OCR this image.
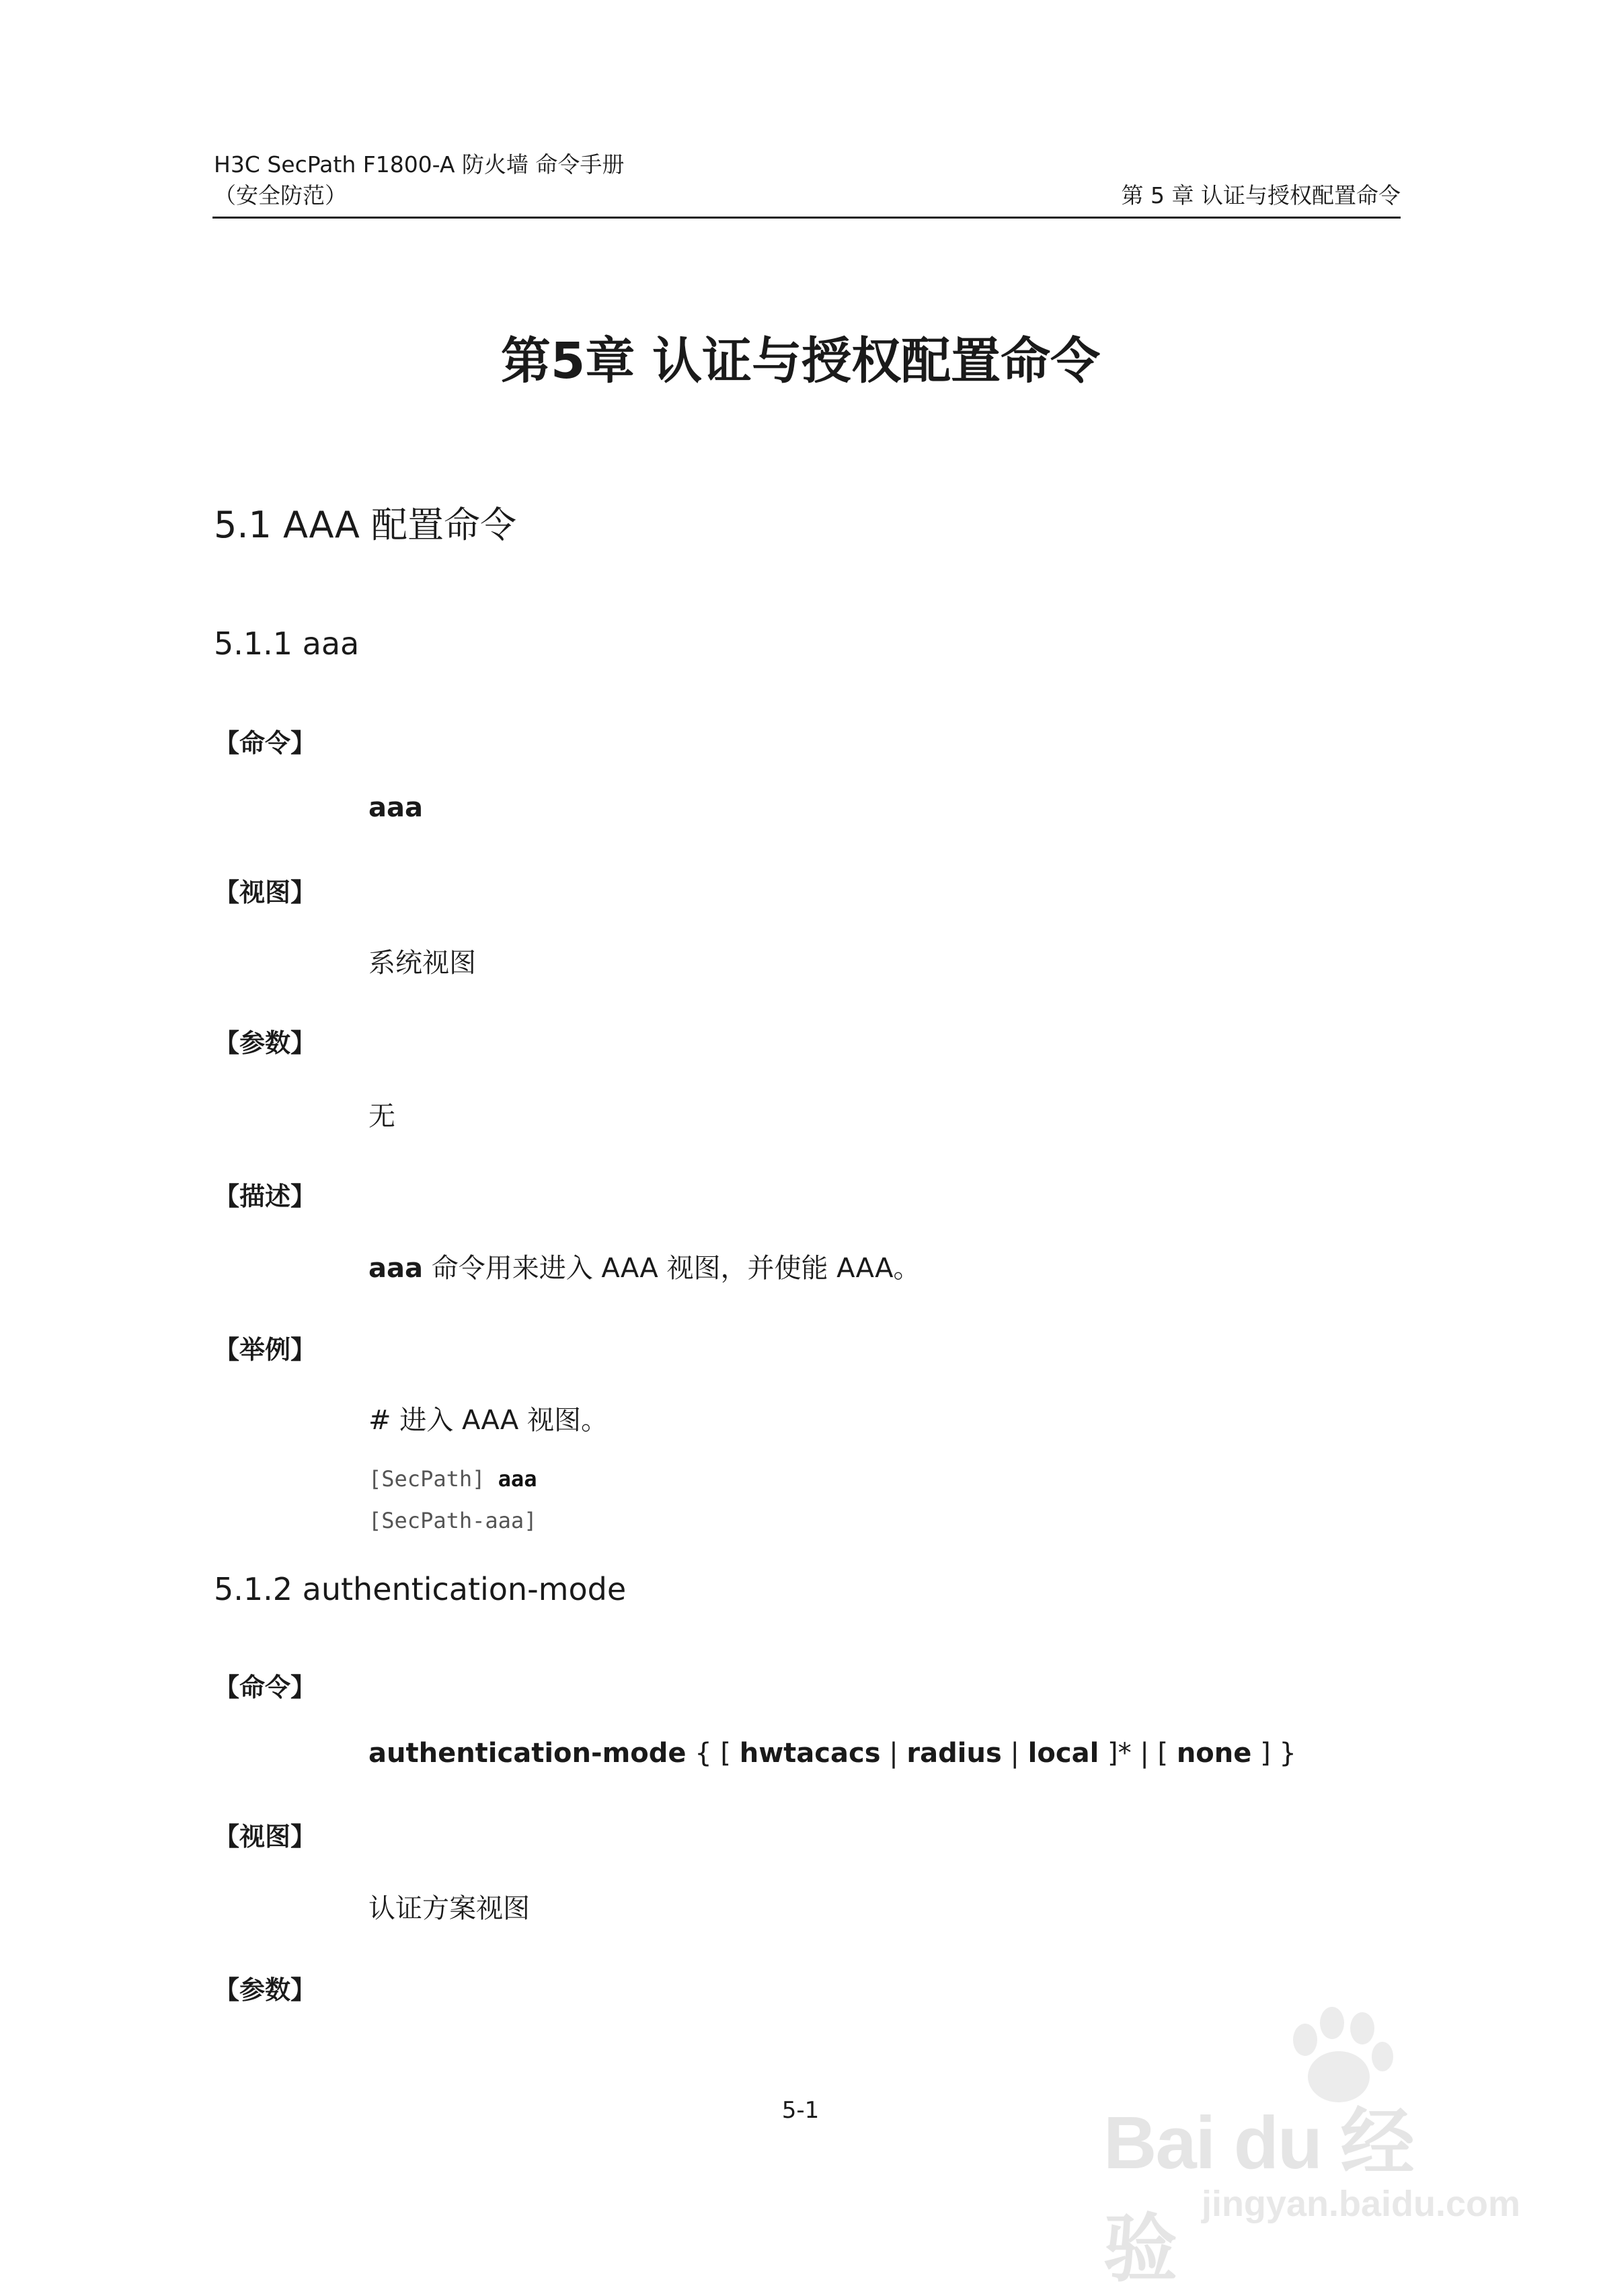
H3C SecPath F1800-A 防火墙 命令手册
（安全防范）	第 5 章 认证与授权配置命令
第5章 认证与授权配置命令
5.1 AAA 配置命令
5.1.1 aaa
【命令】
aaa
【视图】
系统视图
【参数】
无
【描述】
aaa 命令用来进入 AAA 视图，并使能 AAA。
【举例】
# 进入 AAA 视图。
[SecPath] aaa
[SecPath-aaa]
5.1.2 authentication-mode
【命令】
authentication-mode { [ hwtacacs | radius | local ]* | [ none ] }
【视图】
认证方案视图
【参数】
5-1	Bai du 经验
jingyan.baidu.com
